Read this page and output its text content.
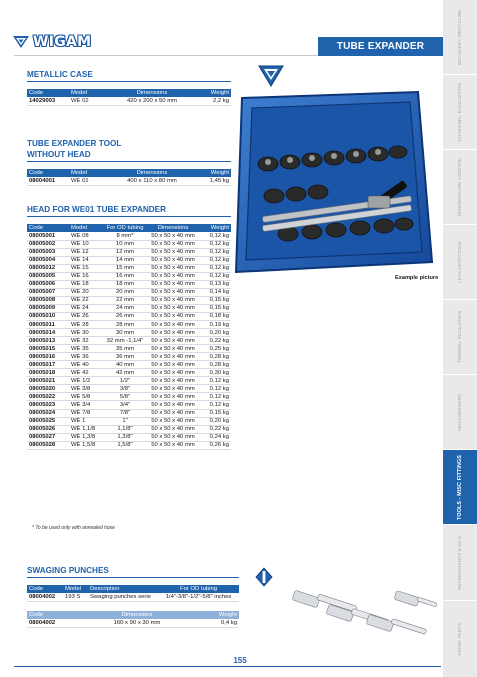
RECOVERY, RECYCLING
CHARGING, EVACUATION
TEMPERATURE CONTROL
LEAK DETECTION
THERMAL INSULATION
MEASUREMENT
TOOLS - MISC FITTINGS
REFRIGERANTS & OILS
SPARE PARTS
WIGAM	TUBE EXPANDER
METALLIC CASE
Code	Model	Dimensions	Weight
14029003	WE 02	420 x 200 x 50 mm	2,2 kg
TUBE EXPANDER TOOL
WITHOUT HEAD
Code	Model	Dimensions	Weight
08004001	WE 01	400 x 110 x 80 mm	1,45 kg
HEAD FOR WE01 TUBE EXPANDER
Code	Model	For OD tubing	Dimensions	Weight
08005001	WE 08	8 mm*	50 x 50 x 40 mm	0,12 kg
08005002	WE 10	10 mm	50 x 50 x 40 mm	0,12 kg
08005003	WE 12	12 mm	50 x 50 x 40 mm	0,12 kg
08005004	WE 14	14 mm	50 x 50 x 40 mm	0,12 kg
08005012	WE 15	15 mm	50 x 50 x 40 mm	0,12 kg
08005005	WE 16	16 mm	50 x 50 x 40 mm	0,12 kg
08005006	WE 18	18 mm	50 x 50 x 40 mm	0,13 kg
08005007	WE 20	20 mm	50 x 50 x 40 mm	0,14 kg
08005008	WE 22	22 mm	50 x 50 x 40 mm	0,15 kg
08005009	WE 24	24 mm	50 x 50 x 40 mm	0,15 kg
08005010	WE 26	26 mm	50 x 50 x 40 mm	0,18 kg
08005011	WE 28	28 mm	50 x 50 x 40 mm	0,19 kg
08005014	WE 30	30 mm	50 x 50 x 40 mm	0,20 kg
08005013	WE 32	32 mm -1,1/4"	50 x 50 x 40 mm	0,22 kg
08005015	WE 35	35 mm	50 x 50 x 40 mm	0,25 kg
08005016	WE 36	36 mm	50 x 50 x 40 mm	0,28 kg
08005017	WE 40	40 mm	50 x 50 x 40 mm	0,28 kg
08005018	WE 42	42 mm	50 x 50 x 40 mm	0,30 kg
08005021	WE 1/2	1/2"	50 x 50 x 40 mm	0,12 kg
08005020	WE 3/8	3/8"	50 x 50 x 40 mm	0,12 kg
08005022	WE 5/8	5/8"	50 x 50 x 40 mm	0,12 kg
08005023	WE 3/4	3/4"	50 x 50 x 40 mm	0,12 kg
08005024	WE 7/8	7/8"	50 x 50 x 40 mm	0,15 kg
08005025	WE 1	1"	50 x 50 x 40 mm	0,20 kg
08005026	WE 1,1/8	1,1/8"	50 x 50 x 40 mm	0,22 kg
08005027	WE 1,3/8	1,3/8"	50 x 50 x 40 mm	0,24 kg
08005028	WE 1,5/8	1,5/8"	50 x 50 x 40 mm	0,26 kg
* To be used only with annealed hose
Example picture
SWAGING PUNCHES
Code	Model	Description	For OD tubing
08004002	193 S	Swaging punches serie	1/4"-3/8"-1/2"-5/8" inches
Code	Dimensions	Weight
08004002	160 x 90 x 30 mm	0,4 kg
155
